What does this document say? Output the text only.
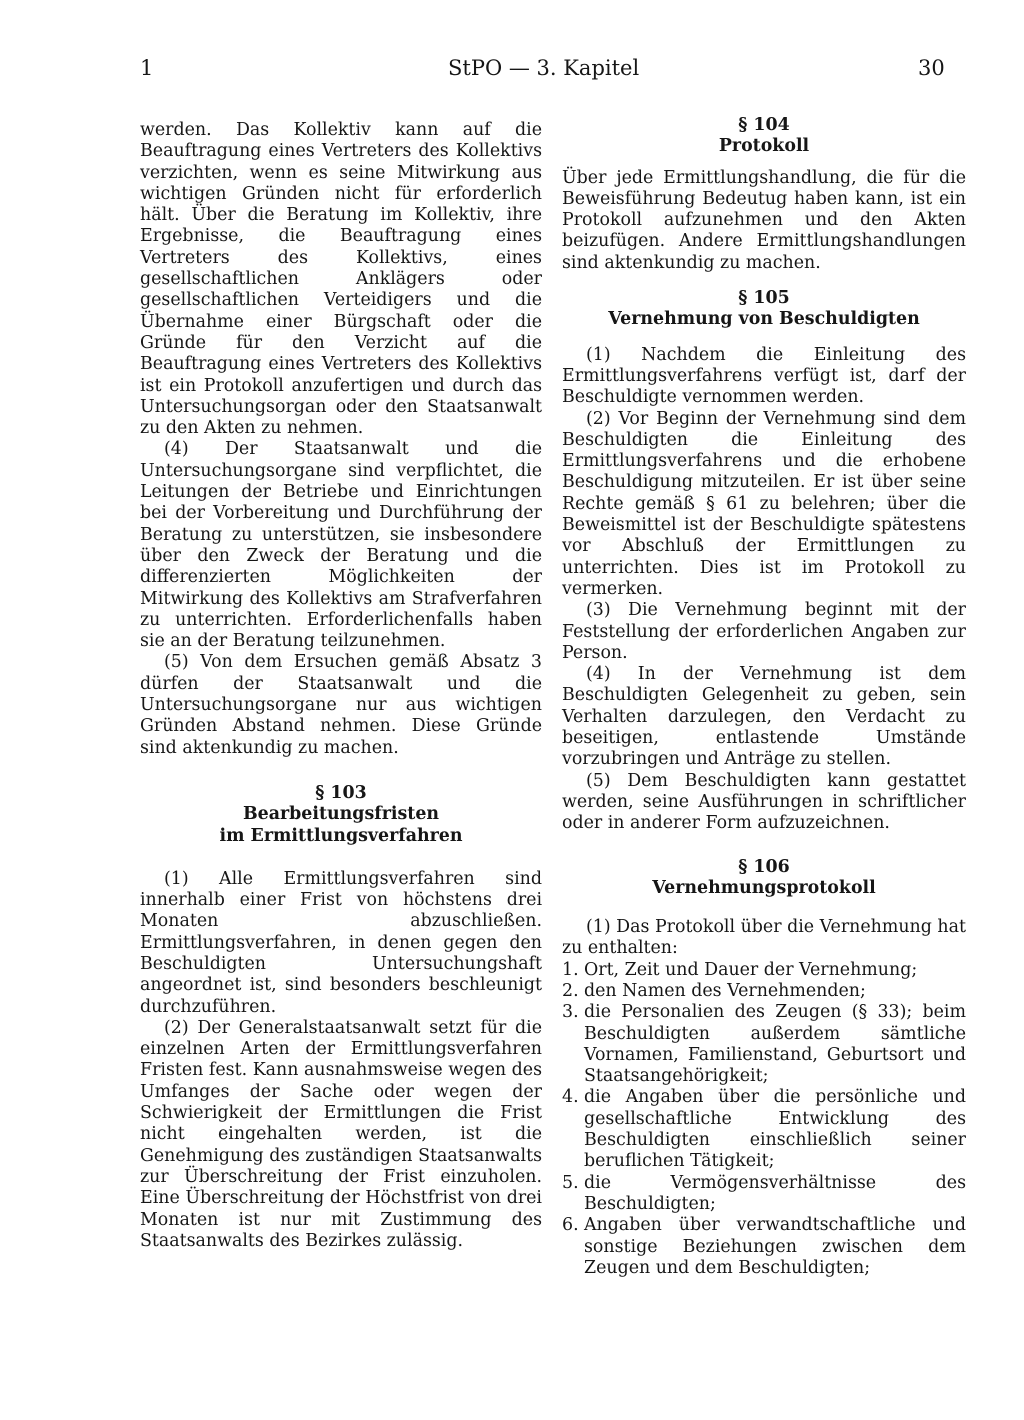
1	StPO — 3. Kapitel	30

werden. Das Kollektiv kann auf die Beauftragung eines Vertreters des Kollektivs verzichten, wenn es seine Mitwirkung aus wichtigen Gründen nicht für erforderlich hält. Über die Beratung im Kollektiv, ihre Ergebnisse, die Beauftragung eines Vertreters des Kollektivs, eines gesellschaftlichen Anklägers oder gesellschaftlichen Verteidigers und die Übernahme einer Bürgschaft oder die Gründe für den Verzicht auf die Beauftragung eines Vertreters des Kollektivs ist ein Protokoll anzufertigen und durch das Untersuchungsorgan oder den Staatsanwalt zu den Akten zu nehmen.

(4) Der Staatsanwalt und die Untersuchungsorgane sind verpflichtet, die Leitungen der Betriebe und Einrichtungen bei der Vorbereitung und Durchführung der Beratung zu unterstützen, sie insbesondere über den Zweck der Beratung und die differenzierten Möglichkeiten der Mitwirkung des Kollektivs am Strafverfahren zu unterrichten. Erforderlichenfalls haben sie an der Beratung teilzunehmen.

(5) Von dem Ersuchen gemäß Absatz 3 dürfen der Staatsanwalt und die Untersuchungsorgane nur aus wichtigen Gründen Abstand nehmen. Diese Gründe sind aktenkundig zu machen.

§ 103
Bearbeitungsfristen
im Ermittlungsverfahren

(1) Alle Ermittlungsverfahren sind innerhalb einer Frist von höchstens drei Monaten abzuschließen. Ermittlungsverfahren, in denen gegen den Beschuldigten Untersuchungshaft angeordnet ist, sind besonders beschleunigt durchzuführen.

(2) Der Generalstaatsanwalt setzt für die einzelnen Arten der Ermittlungsverfahren Fristen fest. Kann ausnahmsweise wegen des Umfanges der Sache oder wegen der Schwierigkeit der Ermittlungen die Frist nicht eingehalten werden, ist die Genehmigung des zuständigen Staatsanwalts zur Überschreitung der Frist einzuholen. Eine Überschreitung der Höchstfrist von drei Monaten ist nur mit Zustimmung des Staatsanwalts des Bezirkes zulässig.

§ 104
Protokoll

Über jede Ermittlungshandlung, die für die Beweisführung Bedeutug haben kann, ist ein Protokoll aufzunehmen und den Akten beizufügen. Andere Ermittlungshandlungen sind aktenkundig zu machen.

§ 105
Vernehmung von Beschuldigten

(1) Nachdem die Einleitung des Ermittlungsverfahrens verfügt ist, darf der Beschuldigte vernommen werden.

(2) Vor Beginn der Vernehmung sind dem Beschuldigten die Einleitung des Ermittlungsverfahrens und die erhobene Beschuldigung mitzuteilen. Er ist über seine Rechte gemäß § 61 zu belehren; über die Beweismittel ist der Beschuldigte spätestens vor Abschluß der Ermittlungen zu unterrichten. Dies ist im Protokoll zu vermerken.

(3) Die Vernehmung beginnt mit der Feststellung der erforderlichen Angaben zur Person.

(4) In der Vernehmung ist dem Beschuldigten Gelegenheit zu geben, sein Verhalten darzulegen, den Verdacht zu beseitigen, entlastende Umstände vorzubringen und Anträge zu stellen.

(5) Dem Beschuldigten kann gestattet werden, seine Ausführungen in schriftlicher oder in anderer Form aufzuzeichnen.

§ 106
Vernehmungsprotokoll

(1) Das Protokoll über die Vernehmung hat zu enthalten:

1. Ort, Zeit und Dauer der Vernehmung;
2. den Namen des Vernehmenden;
3. die Personalien des Zeugen (§ 33); beim Beschuldigten außerdem sämtliche Vornamen, Familienstand, Geburtsort und Staatsangehörigkeit;
4. die Angaben über die persönliche und gesellschaftliche Entwicklung des Beschuldigten einschließlich seiner beruflichen Tätigkeit;
5. die Vermögensverhältnisse des Beschuldigten;
6. Angaben über verwandtschaftliche und sonstige Beziehungen zwischen dem Zeugen und dem Beschuldigten;
